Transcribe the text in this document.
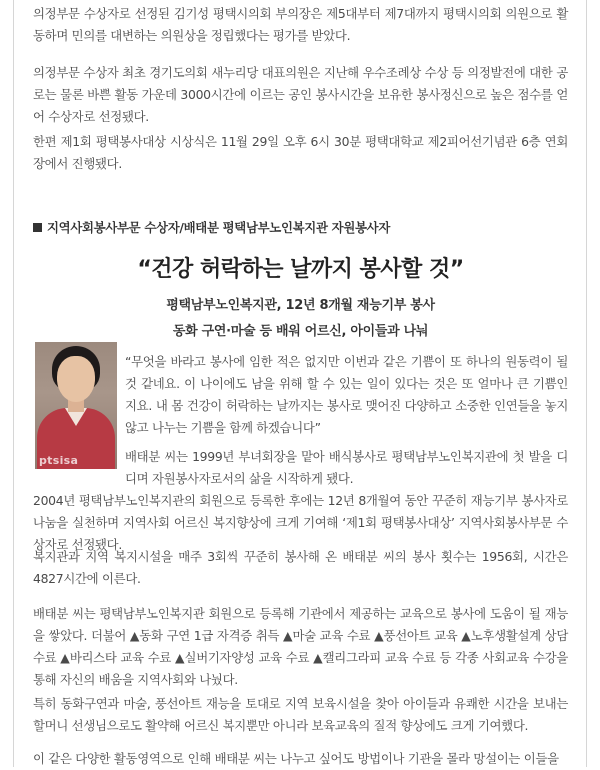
의정부문 수상자로 선정된 김기성 평택시의회 부의장은 제5대부터 제7대까지 평택시의회 의원으로 활동하며 민의를 대변하는 의원상을 정립했다는 평가를 받았다.

의정부문 수상자 최초 경기도의회 새누리당 대표의원은 지난해 우수조례상 수상 등 의정발전에 대한 공로는 물론 바쁜 활동 가운데 3000시간에 이르는 공인 봉사시간을 보유한 봉사정신으로 높은 점수를 얻어 수상자로 선정됐다.

한편 제1회 평택봉사대상 시상식은 11월 29일 오후 6시 30분 평택대학교 제2피어선기념관 6층 연회장에서 진행됐다.

지역사회봉사부문 수상자/배태분 평택남부노인복지관 자원봉사자
“건강 허락하는 날까지 봉사할 것”
평택남부노인복지관, 12년 8개월 재능기부 봉사
동화 구연·마술 등 배워 어르신, 아이들과 나눠
ptsisa

“무엇을 바라고 봉사에 임한 적은 없지만 이번과 같은 기쁨이 또 하나의 원동력이 될 것 같네요. 이 나이에도 남을 위해 할 수 있는 일이 있다는 것은 또 얼마나 큰 기쁨인지요. 내 몸 건강이 허락하는 날까지는 봉사로 맺어진 다양하고 소중한 인연들을 놓지 않고 나누는 기쁨을 함께 하겠습니다”

배태분 씨는 1999년 부녀회장을 맡아 배식봉사로 평택남부노인복지관에 첫 발을 디디며 자원봉사자로서의 삶을 시작하게 됐다.

2004년 평택남부노인복지관의 회원으로 등록한 후에는 12년 8개월여 동안 꾸준히 재능기부 봉사자로 나눔을 실천하며 지역사회 어르신 복지향상에 크게 기여해 ‘제1회 평택봉사대상’ 지역사회봉사부문 수상자로 선정됐다.

복지관과 지역 복지시설을 매주 3회씩 꾸준히 봉사해 온 배태분 씨의 봉사 횟수는 1956회, 시간은 4827시간에 이른다.

배태분 씨는 평택남부노인복지관 회원으로 등록해 기관에서 제공하는 교육으로 봉사에 도움이 될 재능을 쌓았다. 더불어 ▲동화 구연 1급 자격증 취득 ▲마술 교육 수료 ▲풍선아트 교육 ▲노후생활설계 상담 수료 ▲바리스타 교육 수료 ▲실버기자양성 교육 수료 ▲캘리그라피 교육 수료 등 각종 사회교육 수강을 통해 자신의 배움을 지역사회와 나눴다.

특히 동화구연과 마술, 풍선아트 재능을 토대로 지역 보육시설을 찾아 아이들과 유쾌한 시간을 보내는 할머니 선생님으로도 활약해 어르신 복지뿐만 아니라 보육교육의 질적 향상에도 크게 기여했다.

이 같은 다양한 활동영역으로 인해 배태분 씨는 나누고 싶어도 방법이나 기관을 몰라 망설이는 이들을
